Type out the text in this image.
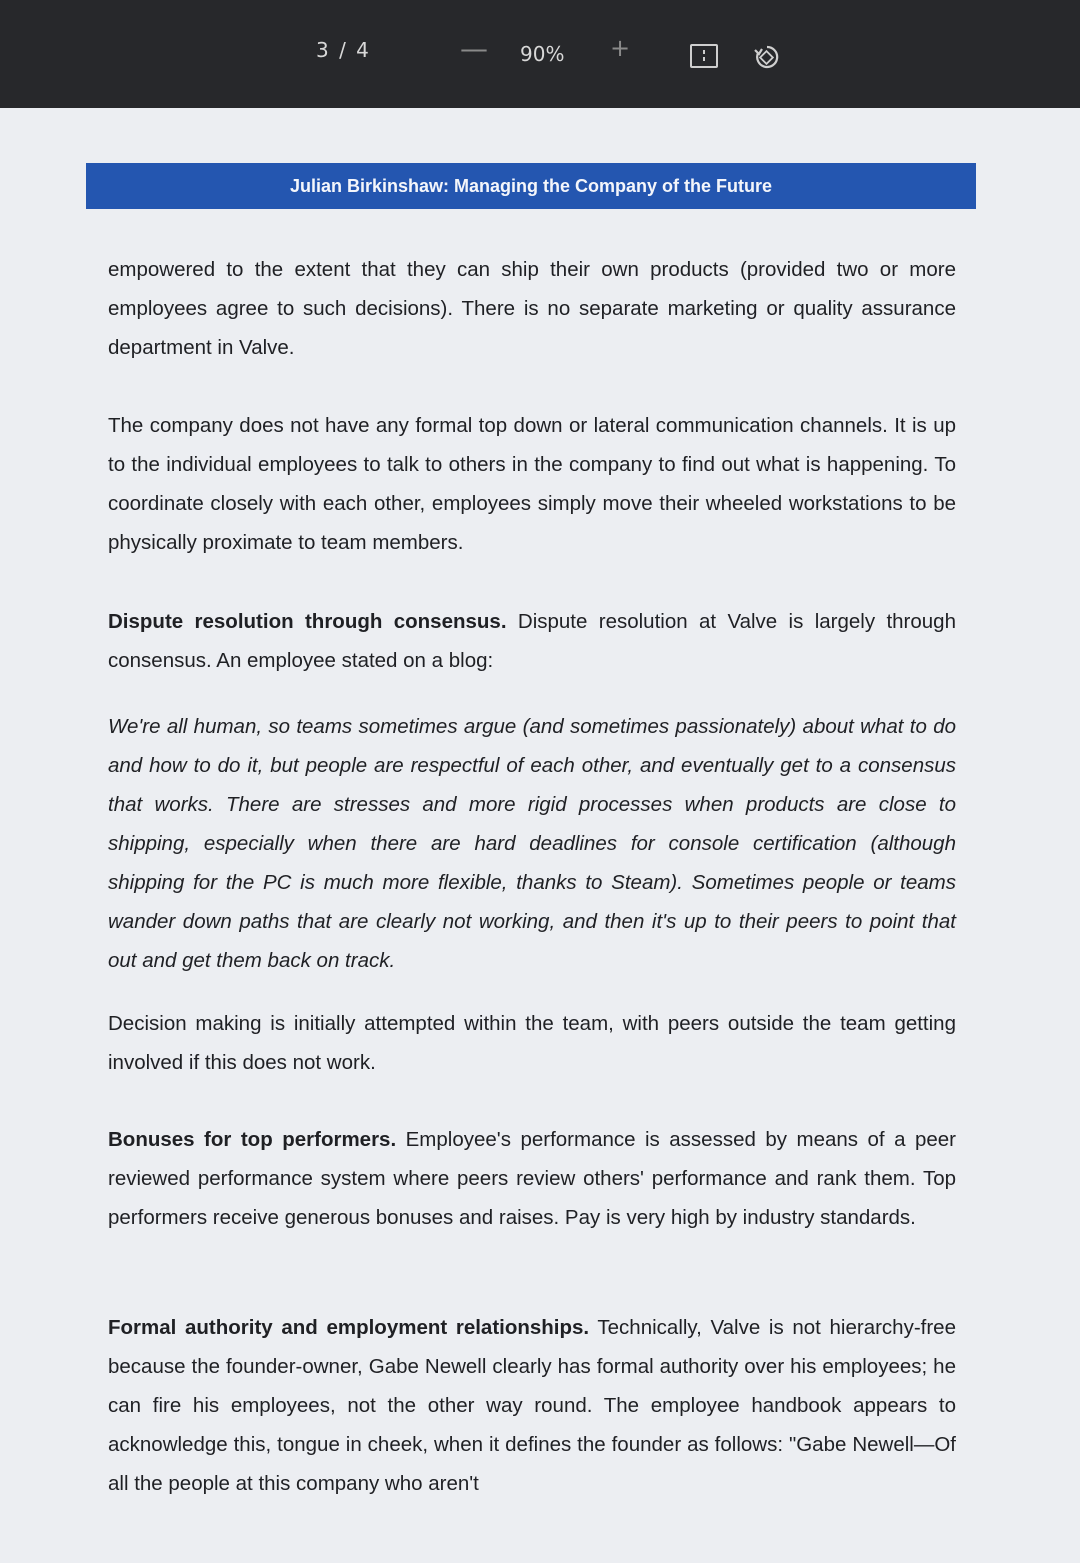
3 / 4	— 90% +
Julian Birkinshaw: Managing the Company of the Future

empowered to the extent that they can ship their own products (provided two or more employees agree to such decisions). There is no separate marketing or quality assurance department in Valve.

The company does not have any formal top down or lateral communication channels. It is up to the individual employees to talk to others in the company to find out what is happening. To coordinate closely with each other, employees simply move their wheeled workstations to be physically proximate to team members.

Dispute resolution through consensus. Dispute resolution at Valve is largely through consensus. An employee stated on a blog:

We're all human, so teams sometimes argue (and sometimes passionately) about what to do and how to do it, but people are respectful of each other, and eventually get to a consensus that works. There are stresses and more rigid processes when products are close to shipping, especially when there are hard deadlines for console certification (although shipping for the PC is much more flexible, thanks to Steam). Sometimes people or teams wander down paths that are clearly not working, and then it's up to their peers to point that out and get them back on track.

Decision making is initially attempted within the team, with peers outside the team getting involved if this does not work.

Bonuses for top performers. Employee's performance is assessed by means of a peer reviewed performance system where peers review others' performance and rank them. Top performers receive generous bonuses and raises. Pay is very high by industry standards.

Formal authority and employment relationships. Technically, Valve is not hierarchy-free because the founder-owner, Gabe Newell clearly has formal authority over his employees; he can fire his employees, not the other way round. The employee handbook appears to acknowledge this, tongue in cheek, when it defines the founder as follows: "Gabe Newell—Of all the people at this company who aren't
